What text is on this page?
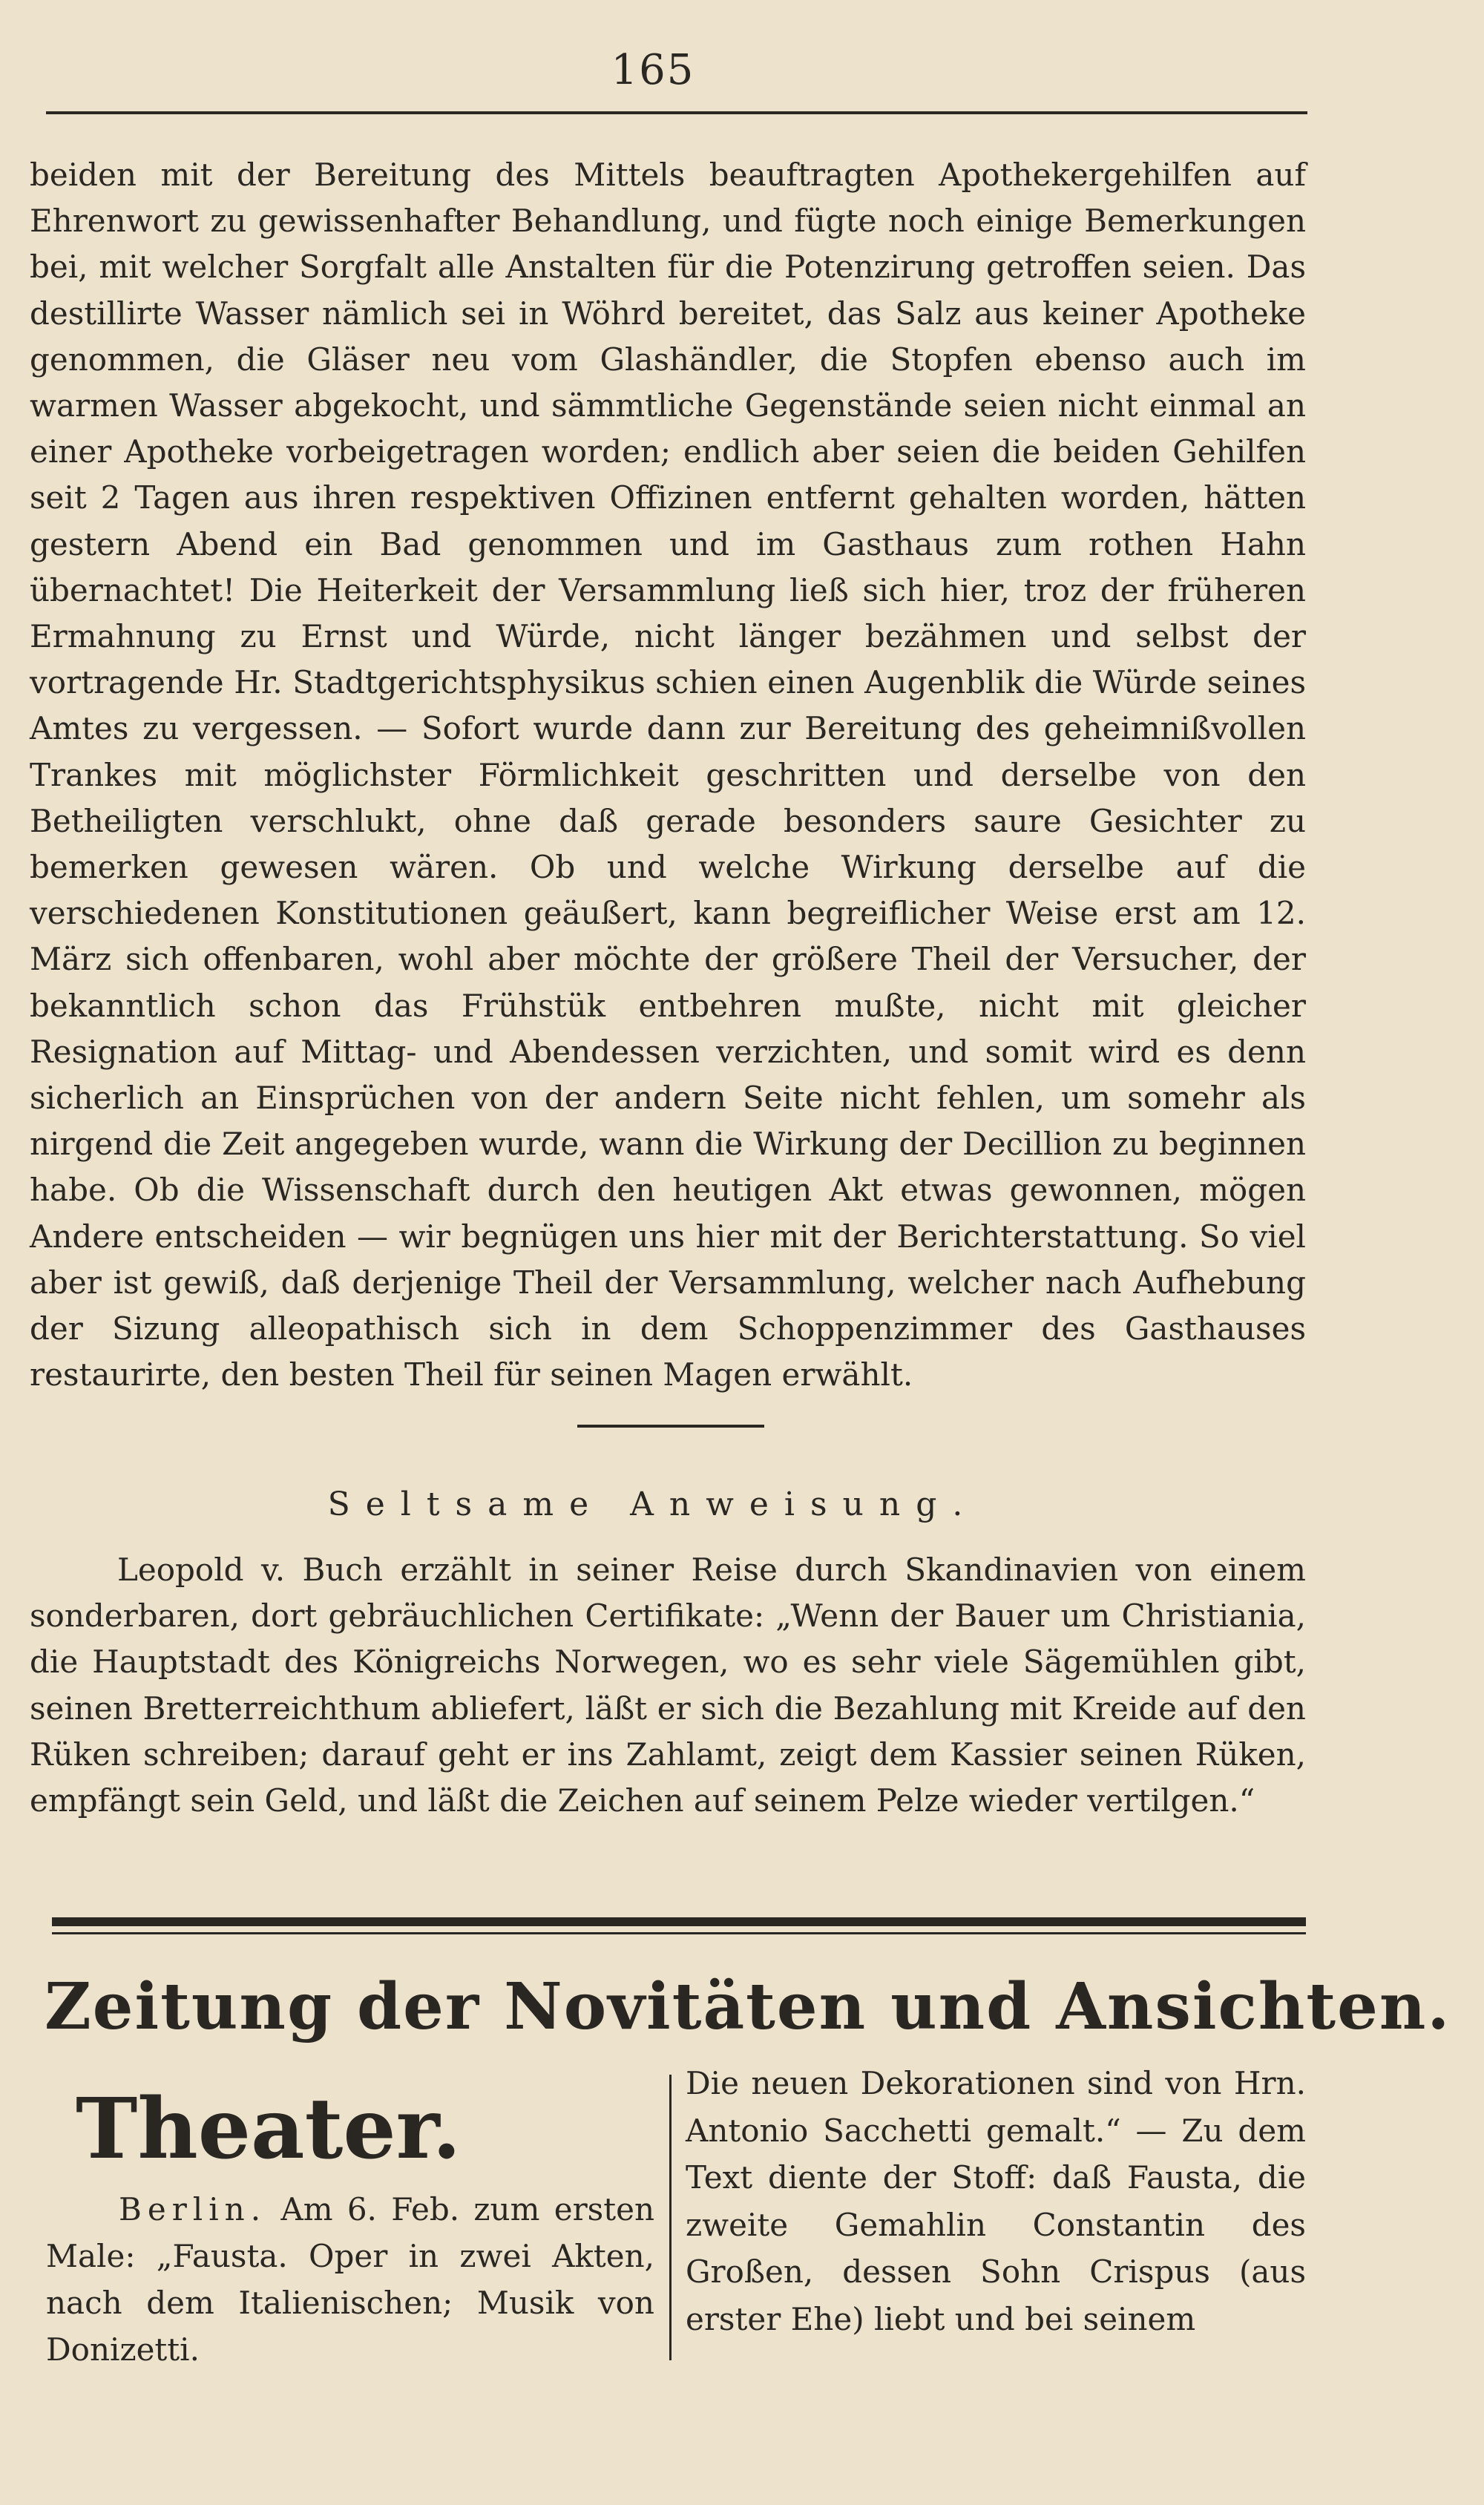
165

beiden mit der Bereitung des Mittels beauftragten Apothekergehilfen auf Ehrenwort zu gewissenhafter Behandlung, und fügte noch einige Bemerkungen bei, mit welcher Sorgfalt alle Anstalten für die Potenzirung getroffen seien. Das destillirte Wasser nämlich sei in Wöhrd bereitet, das Salz aus keiner Apotheke genommen, die Gläser neu vom Glashändler, die Stopfen ebenso auch im warmen Wasser abgekocht, und sämmtliche Gegenstände seien nicht einmal an einer Apotheke vorbeigetragen worden; endlich aber seien die beiden Gehilfen seit 2 Tagen aus ihren respektiven Offizinen entfernt gehalten worden, hätten gestern Abend ein Bad genommen und im Gasthaus zum rothen Hahn übernachtet! Die Heiterkeit der Versammlung ließ sich hier, troz der früheren Ermahnung zu Ernst und Würde, nicht länger bezähmen und selbst der vortragende Hr. Stadtgerichtsphysikus schien einen Augenblik die Würde seines Amtes zu vergessen. — Sofort wurde dann zur Bereitung des geheimnißvollen Trankes mit möglichster Förmlichkeit geschritten und derselbe von den Betheiligten verschlukt, ohne daß gerade besonders saure Gesichter zu bemerken gewesen wären. Ob und welche Wirkung derselbe auf die verschiedenen Konstitutionen geäußert, kann begreiflicher Weise erst am 12. März sich offenbaren, wohl aber möchte der größere Theil der Versucher, der bekanntlich schon das Frühstük entbehren mußte, nicht mit gleicher Resignation auf Mittag- und Abendessen verzichten, und somit wird es denn sicherlich an Einsprüchen von der andern Seite nicht fehlen, um somehr als nirgend die Zeit angegeben wurde, wann die Wirkung der Decillion zu beginnen habe. Ob die Wissenschaft durch den heutigen Akt etwas gewonnen, mögen Andere entscheiden — wir begnügen uns hier mit der Berichterstattung. So viel aber ist gewiß, daß derjenige Theil der Versammlung, welcher nach Aufhebung der Sizung alleopathisch sich in dem Schoppenzimmer des Gasthauses restaurirte, den besten Theil für seinen Magen erwählt.

Seltsame Anweisung.

Leopold v. Buch erzählt in seiner Reise durch Skandinavien von einem sonderbaren, dort gebräuchlichen Certifikate: „Wenn der Bauer um Christiania, die Hauptstadt des Königreichs Norwegen, wo es sehr viele Sägemühlen gibt, seinen Bretterreichthum abliefert, läßt er sich die Bezahlung mit Kreide auf den Rüken schreiben; darauf geht er ins Zahlamt, zeigt dem Kassier seinen Rüken, empfängt sein Geld, und läßt die Zeichen auf seinem Pelze wieder vertilgen.“

Zeitung der Novitäten und Ansichten.
Theater.

Berlin. Am 6. Feb. zum ersten Male: „Fausta. Oper in zwei Akten, nach dem Italienischen; Musik von Donizetti.

Die neuen Dekorationen sind von Hrn. Antonio Sacchetti gemalt.“ — Zu dem Text diente der Stoff: daß Fausta, die zweite Gemahlin Constantin des Großen, dessen Sohn Crispus (aus erster Ehe) liebt und bei seinem
